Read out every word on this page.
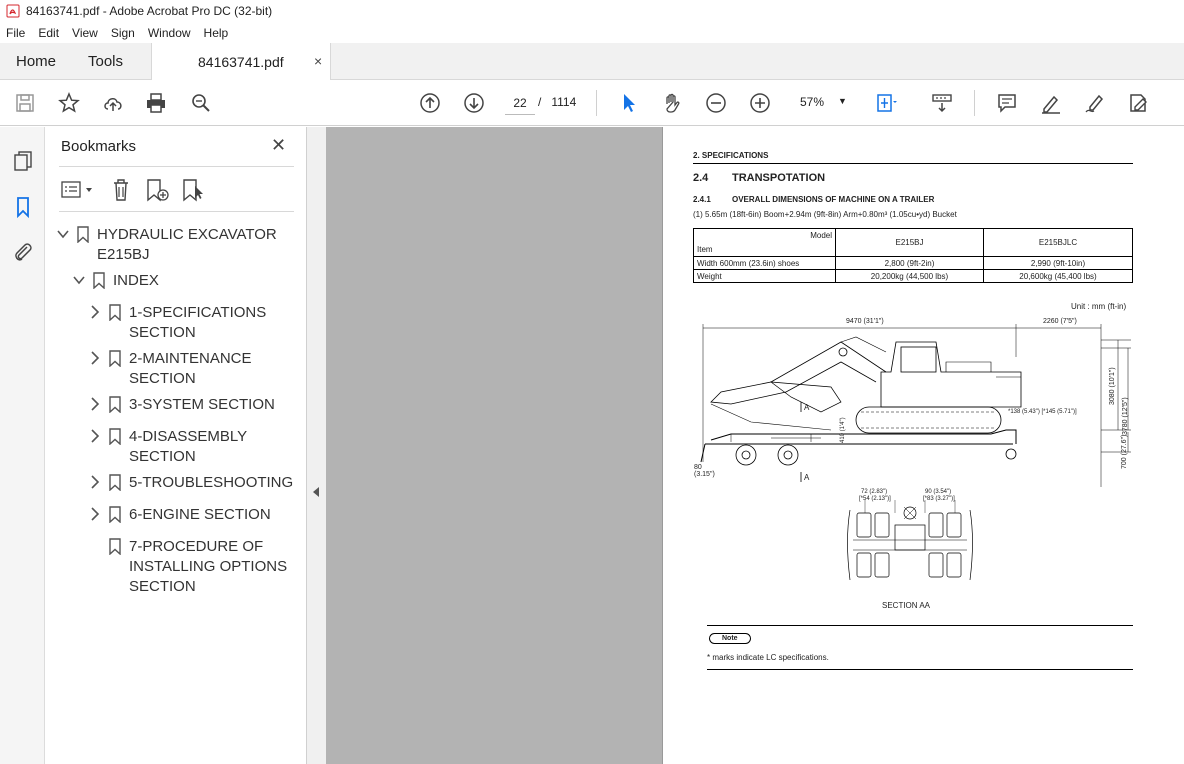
84163741.pdf - Adobe Acrobat Pro DC (32-bit)
File Edit View Sign Window Help
Home Tools	84163741.pdf ×
22 / 1114	57% ▼
Bookmarks	✕
HYDRAULIC EXCAVATOR
E215BJ
INDEX
1-SPECIFICATIONS
SECTION
2-MAINTENANCE
SECTION
3-SYSTEM SECTION
4-DISASSEMBLY
SECTION
5-TROUBLESHOOTING
6-ENGINE SECTION
7-PROCEDURE OF
INSTALLING OPTIONS
SECTION
2. SPECIFICATIONS
2.4 TRANSPOTATION
2.4.1	OVERALL DIMENSIONS OF MACHINE ON A TRAILER
(1) 5.65m (18ft-6in) Boom+2.94m (9ft-8in) Arm+0.80m³ (1.05cu•yd) Bucket
Model
Item	E215BJ	E215BJLC
Width 600mm (23.6in) shoes	2,800 (9ft-2in)	2,990 (9ft-10in)
Weight	20,200kg (44,500 lbs)	20,600kg (45,400 lbs)
Unit : mm (ft-in)
9470 (31'1")	2260 (7'5")
3080 (10'1")
3780 (12'5")
700 (27.6")
80 (3.15")
*138 (5.43") [*145 (5.71")]
410 (1'4")
A
A
72 (2.83")
[*54 (2.13")]
90 (3.54")
[*83 (3.27")]
SECTION AA
Note
* marks indicate LC specifications.
